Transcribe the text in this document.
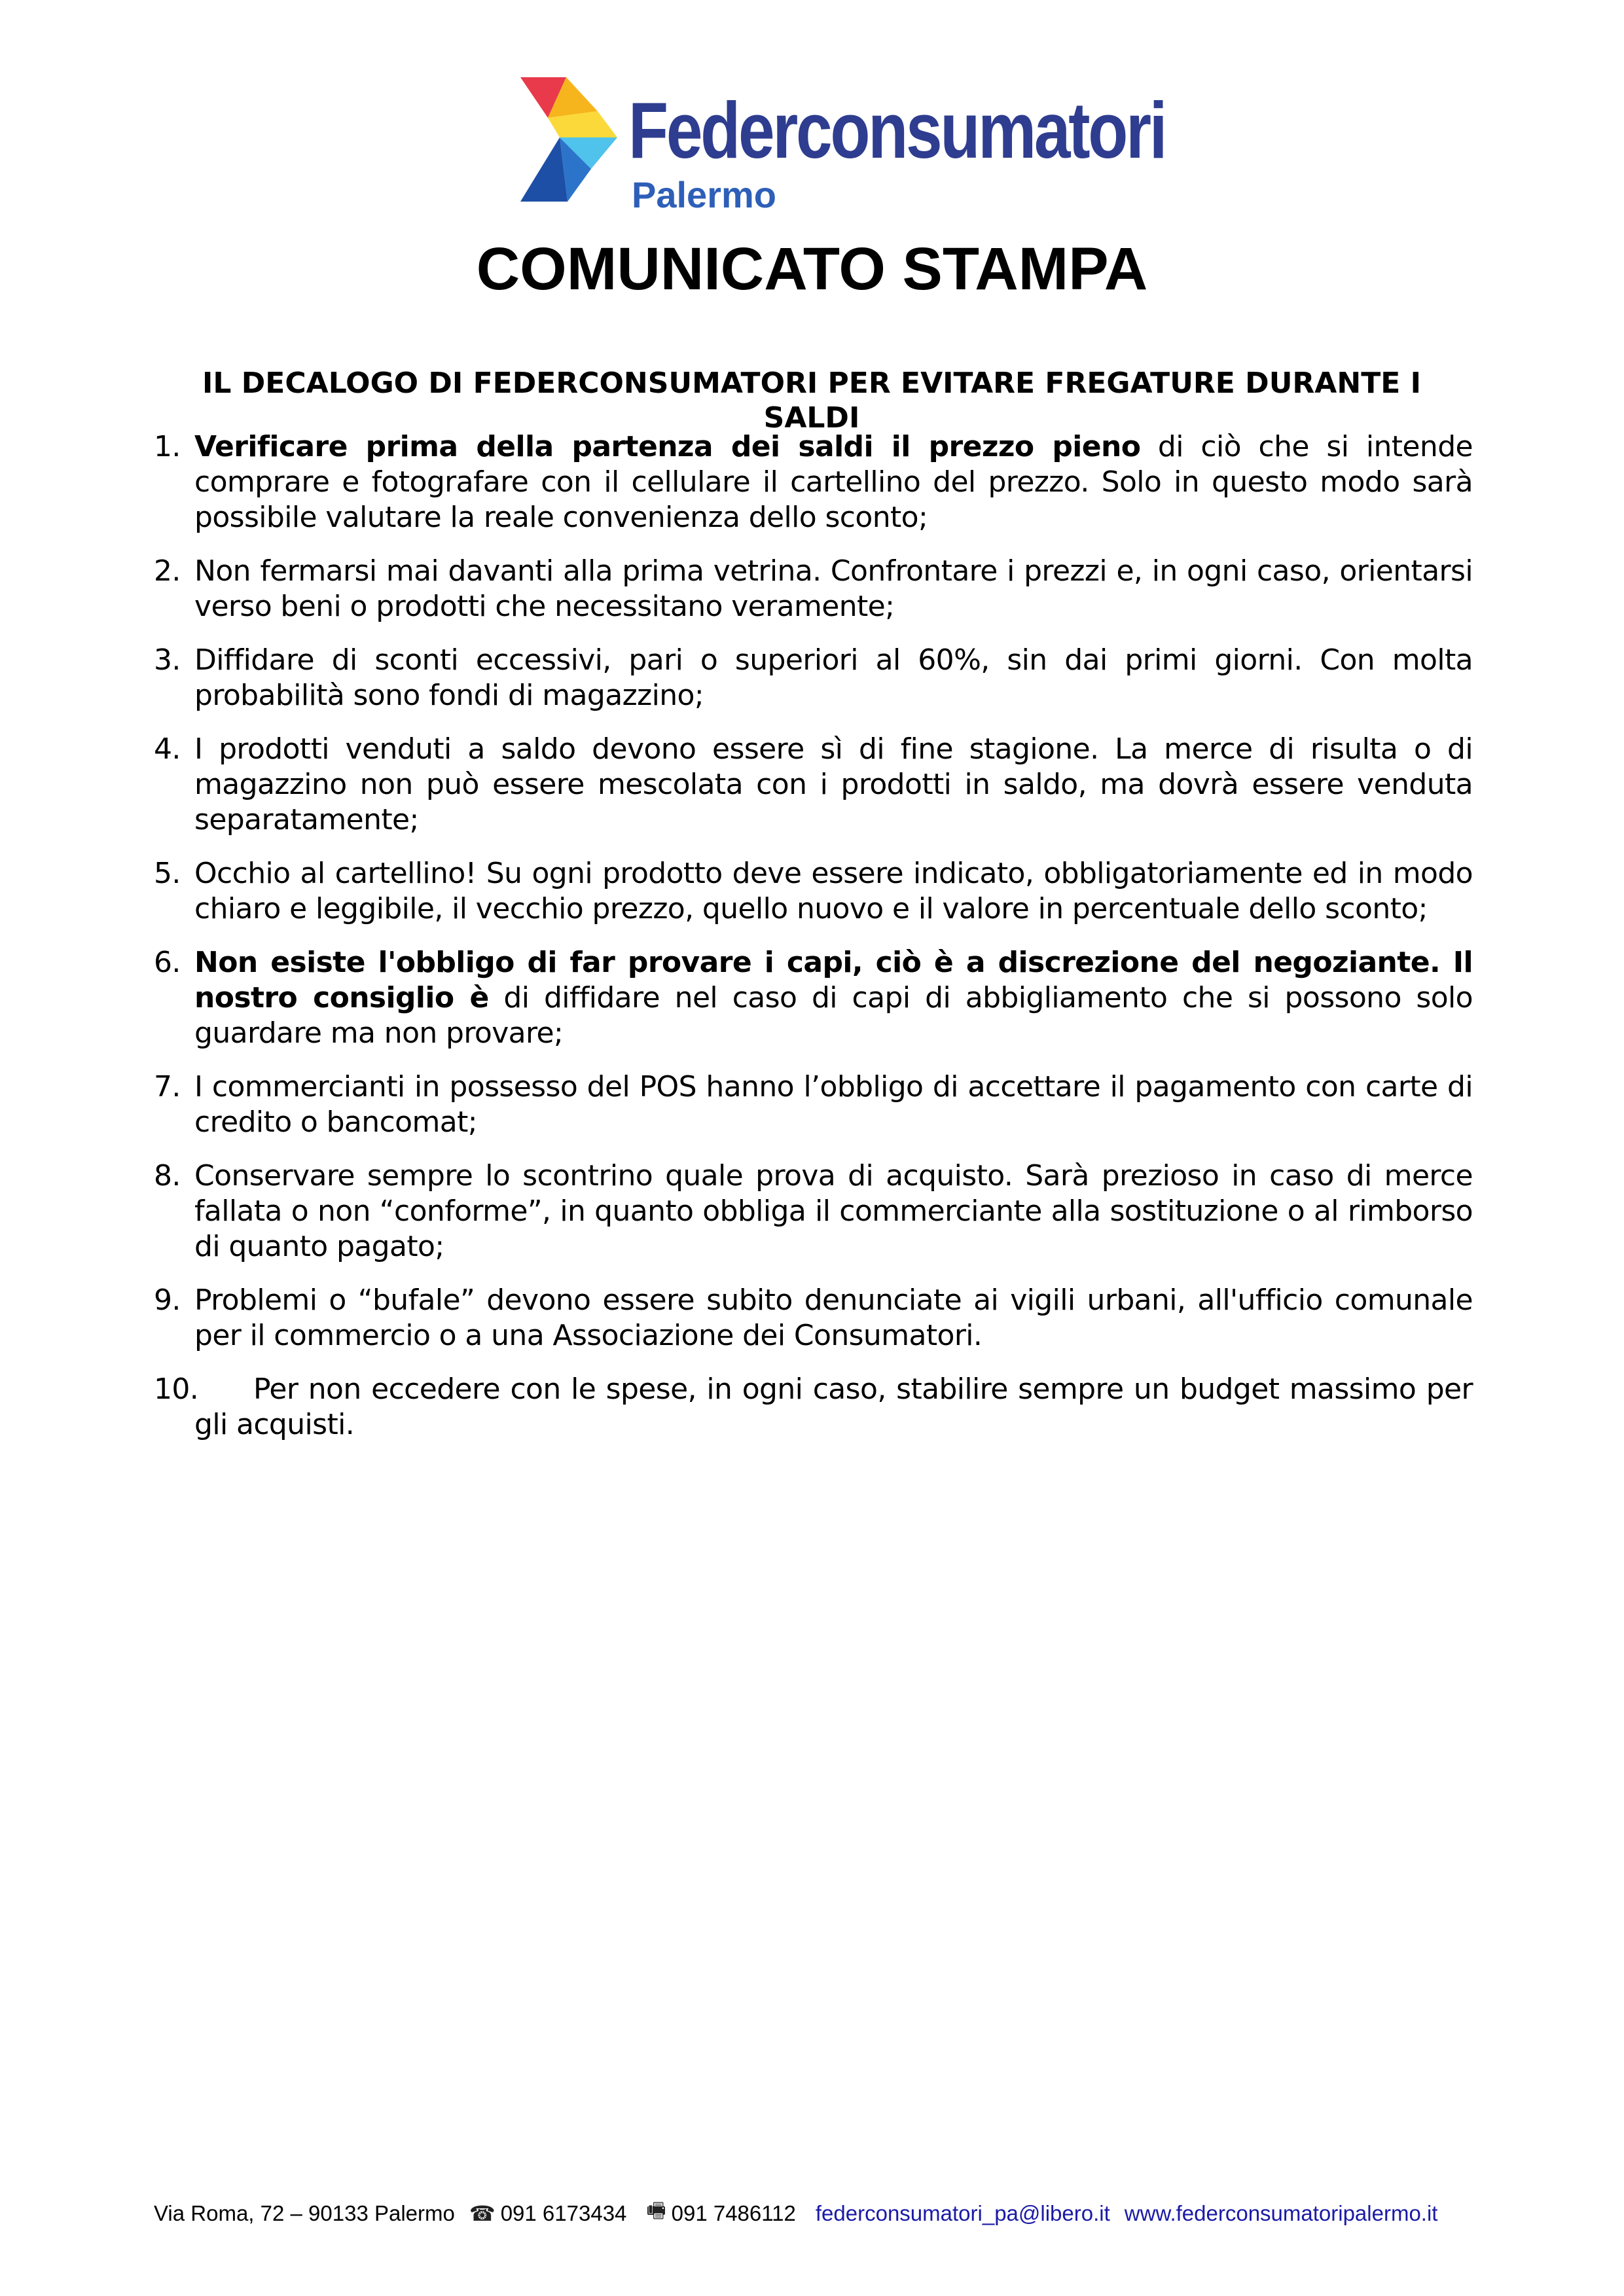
Federconsumatori
Palermo
COMUNICATO STAMPA
IL DECALOGO DI FEDERCONSUMATORI PER EVITARE FREGATURE DURANTE I SALDI
1. Verificare prima della partenza dei saldi il prezzo pieno di ciò che si intende comprare e fotografare con il cellulare il cartellino del prezzo. Solo in questo modo sarà possibile valutare la reale convenienza dello sconto;
2. Non fermarsi mai davanti alla prima vetrina. Confrontare i prezzi e, in ogni caso, orientarsi verso beni o prodotti che necessitano veramente;
3. Diffidare di sconti eccessivi, pari o superiori al 60%, sin dai primi giorni. Con molta probabilità sono fondi di magazzino;
4. I prodotti venduti a saldo devono essere sì di fine stagione. La merce di risulta o di magazzino non può essere mescolata con i prodotti in saldo, ma dovrà essere venduta separatamente;
5. Occhio al cartellino! Su ogni prodotto deve essere indicato, obbligatoriamente ed in modo chiaro e leggibile, il vecchio prezzo, quello nuovo e il valore in percentuale dello sconto;
6. Non esiste l'obbligo di far provare i capi, ciò è a discrezione del negoziante. Il nostro consiglio è di diffidare nel caso di capi di abbigliamento che si possono solo guardare ma non provare;
7. I commercianti in possesso del POS hanno l’obbligo di accettare il pagamento con carte di credito o bancomat;
8. Conservare sempre lo scontrino quale prova di acquisto. Sarà prezioso in caso di merce fallata o non “conforme”, in quanto obbliga il commerciante alla sostituzione o al rimborso di quanto pagato;
9. Problemi o “bufale” devono essere subito denunciate ai vigili urbani, all'ufficio comunale per il commercio o a una Associazione dei Consumatori.
10. Per non eccedere con le spese, in ogni caso, stabilire sempre un budget massimo per gli acquisti.
Via Roma, 72 – 90133 Palermo ☎ 091 6173434 🖷 091 7486112 federconsumatori_pa@libero.it www.federconsumatoripalermo.it
